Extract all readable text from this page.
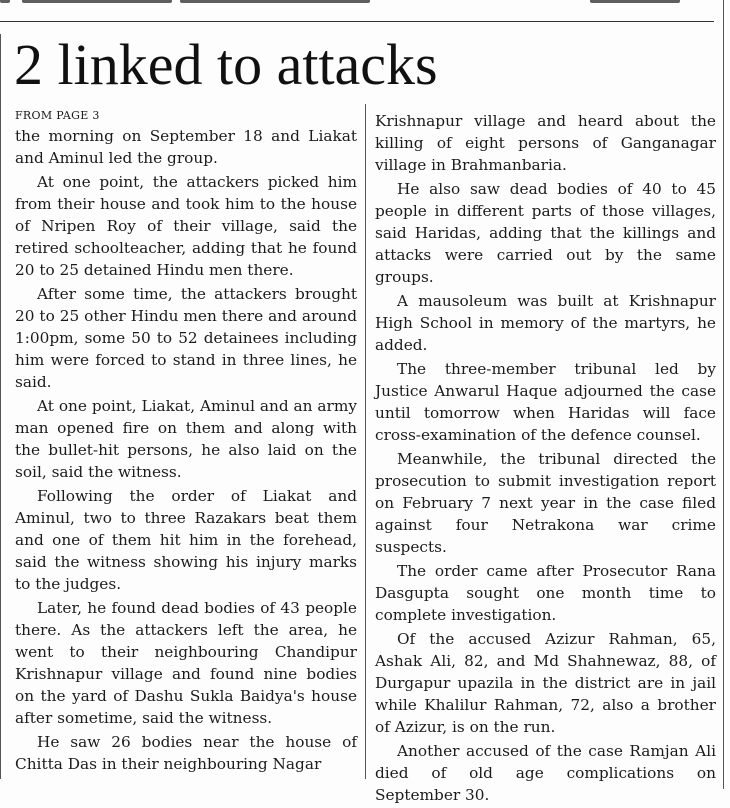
2 linked to attacks

FROM PAGE 3

the morning on September 18 and Liakat and Aminul led the group.

At one point, the attackers picked him from their house and took him to the house of Nripen Roy of their village, said the retired schoolteacher, adding that he found 20 to 25 detained Hindu men there.

After some time, the attackers brought 20 to 25 other Hindu men there and around 1:00pm, some 50 to 52 detainees including him were forced to stand in three lines, he said.

At one point, Liakat, Aminul and an army man opened fire on them and along with the bullet-hit persons, he also laid on the soil, said the witness.

Following the order of Liakat and Aminul, two to three Razakars beat them and one of them hit him in the forehead, said the witness showing his injury marks to the judges.

Later, he found dead bodies of 43 people there. As the attackers left the area, he went to their neighbouring Chandipur Krishnapur village and found nine bodies on the yard of Dashu Sukla Baidya's house after sometime, said the witness.

He saw 26 bodies near the house of Chitta Das in their neighbouring Nagar

Krishnapur village and heard about the killing of eight persons of Ganganagar village in Brahmanbaria.

He also saw dead bodies of 40 to 45 people in different parts of those villages, said Haridas, adding that the killings and attacks were carried out by the same groups.

A mausoleum was built at Krishnapur High School in memory of the martyrs, he added.

The three-member tribunal led by Justice Anwarul Haque adjourned the case until tomorrow when Haridas will face cross-examination of the defence counsel.

Meanwhile, the tribunal directed the prosecution to submit investigation report on February 7 next year in the case filed against four Netrakona war crime suspects.

The order came after Prosecutor Rana Dasgupta sought one month time to complete investigation.

Of the accused Azizur Rahman, 65, Ashak Ali, 82, and Md Shahnewaz, 88, of Durgapur upazila in the district are in jail while Khalilur Rahman, 72, also a brother of Azizur, is on the run.

Another accused of the case Ramjan Ali died of old age complications on September 30.
